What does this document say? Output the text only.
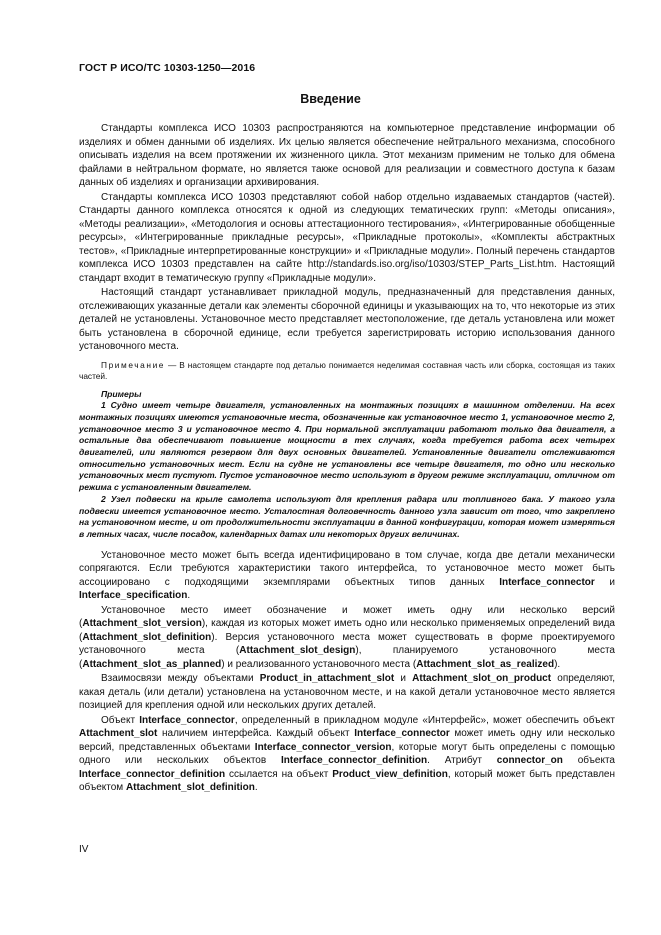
ГОСТ Р ИСО/ТС 10303-1250—2016
Введение

Стандарты комплекса ИСО 10303 распространяются на компьютерное представление информации об изделиях и обмен данными об изделиях. Их целью является обеспечение нейтрального механизма, способного описывать изделия на всем протяжении их жизненного цикла. Этот механизм применим не только для обмена файлами в нейтральном формате, но является также основой для реализации и совместного доступа к базам данных об изделиях и организации архивирования.

Стандарты комплекса ИСО 10303 представляют собой набор отдельно издаваемых стандартов (частей). Стандарты данного комплекса относятся к одной из следующих тематических групп: «Методы описания», «Методы реализации», «Методология и основы аттестационного тестирования», «Интегрированные обобщенные ресурсы», «Интегрированные прикладные ресурсы», «Прикладные протоколы», «Комплекты абстрактных тестов», «Прикладные интерпретированные конструкции» и «Прикладные модули». Полный перечень стандартов комплекса ИСО 10303 представлен на сайте http://standards.iso.org/iso/10303/STEP_Parts_List.htm. Настоящий стандарт входит в тематическую группу «Прикладные модули».

Настоящий стандарт устанавливает прикладной модуль, предназначенный для представления данных, отслеживающих указанные детали как элементы сборочной единицы и указывающих на то, что некоторые из этих деталей не установлены. Установочное место представляет местоположение, где деталь установлена или может быть установлена в сборочной единице, если требуется зарегистрировать историю использования данного установочного места.

Примечание — В настоящем стандарте под деталью понимается неделимая составная часть или сборка, состоящая из таких частей.

Примеры

1 Судно имеет четыре двигателя, установленных на монтажных позициях в машинном отделении. На всех монтажных позициях имеются установочные места, обозначенные как установочное место 1, установочное место 2, установочное место 3 и установочное место 4. При нормальной эксплуатации работают только два двигателя, а остальные два обеспечивают повышение мощности в тех случаях, когда требуется работа всех четырех двигателей, или являются резервом для двух основных двигателей. Установленные двигатели отслеживаются относительно установочных мест. Если на судне не установлены все четыре двигателя, то одно или несколько установочных мест пустуют. Пустое установочное место используют в другом режиме эксплуатации, отличном от режима с установленным двигателем.

2 Узел подвески на крыле самолета используют для крепления радара или топливного бака. У такого узла подвески имеется установочное место. Усталостная долговечность данного узла зависит от того, что закреплено на установочном месте, и от продолжительности эксплуатации в данной конфигурации, которая может измеряться в летных часах, числе посадок, календарных датах или некоторых других величинах.

Установочное место может быть всегда идентифицировано в том случае, когда две детали механически сопрягаются. Если требуются характеристики такого интерфейса, то установочное место может быть ассоциировано с подходящими экземплярами объектных типов данных Interface_connector и Interface_specification.

Установочное место имеет обозначение и может иметь одну или несколько версий (Attachment_slot_version), каждая из которых может иметь одно или несколько применяемых определений вида (Attachment_slot_definition). Версия установочного места может существовать в форме проектируемого установочного места (Attachment_slot_design), планируемого установочного места (Attachment_slot_as_planned) и реализованного установочного места (Attachment_slot_as_realized).

Взаимосвязи между объектами Product_in_attachment_slot и Attachment_slot_on_product определяют, какая деталь (или детали) установлена на установочном месте, и на какой детали установочное место является позицией для крепления одной или нескольких других деталей.

Объект Interface_connector, определенный в прикладном модуле «Интерфейс», может обеспечить объект Attachment_slot наличием интерфейса. Каждый объект Interface_connector может иметь одну или несколько версий, представленных объектами Interface_connector_version, которые могут быть определены с помощью одного или нескольких объектов Interface_connector_definition. Атрибут connector_on объекта Interface_connector_definition ссылается на объект Product_view_definition, который может быть представлен объектом Attachment_slot_definition.

IV
